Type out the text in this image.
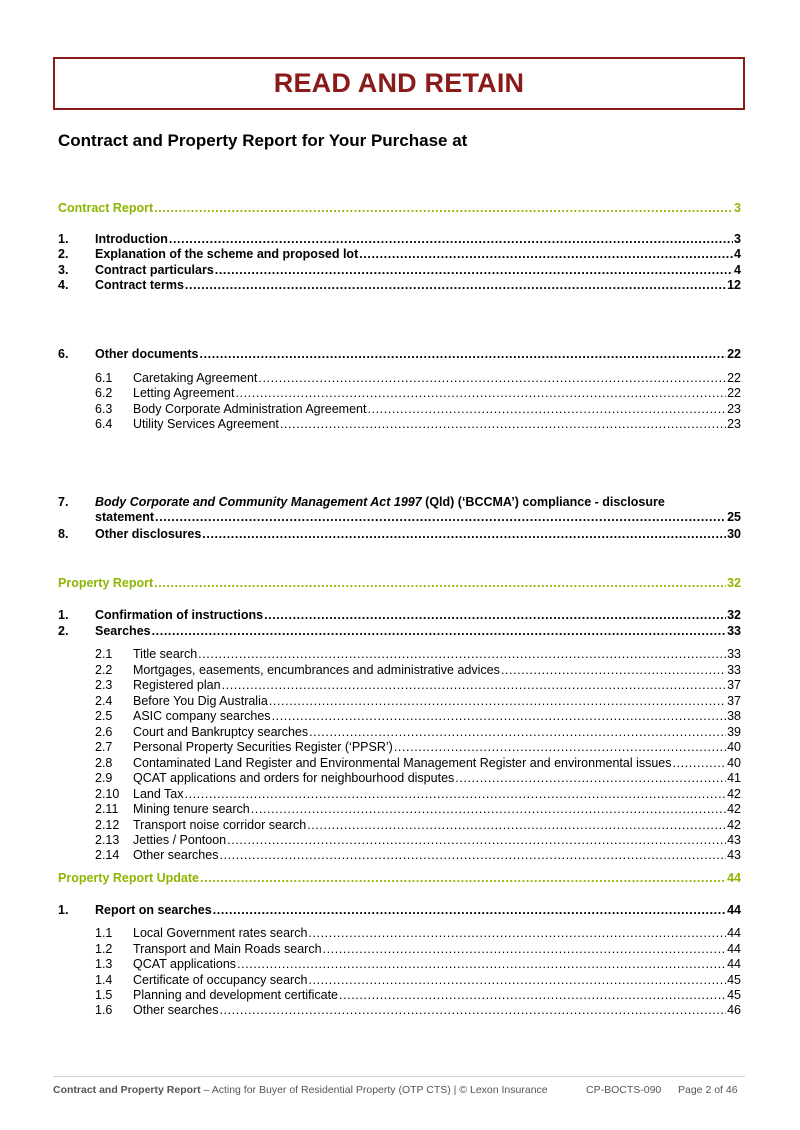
READ AND RETAIN
Contract and Property Report for Your Purchase at
Contract Report .....	3
1. Introduction .....	3
2. Explanation of the scheme and proposed lot .....	4
3. Contract particulars .....	4
4. Contract terms .....	12
6. Other documents .....	22
6.1 Caretaking Agreement .....	22
6.2 Letting Agreement .....	22
6.3 Body Corporate Administration Agreement .....	23
6.4 Utility Services Agreement .....	23
7. Body Corporate and Community Management Act 1997 (Qld) (‘BCCMA’) compliance - disclosure
statement .....	25
8. Other disclosures .....	30
Property Report .....	32
1. Confirmation of instructions .....	32
2. Searches .....	33
2.1 Title search .....	33
2.2 Mortgages, easements, encumbrances and administrative advices .....	33
2.3 Registered plan .....	37
2.4 Before You Dig Australia .....	37
2.5 ASIC company searches .....	38
2.6 Court and Bankruptcy searches .....	39
2.7 Personal Property Securities Register (‘PPSR’) .....	40
2.8 Contaminated Land Register and Environmental Management Register and environmental issues .....	40
2.9 QCAT applications and orders for neighbourhood disputes .....	41
2.10 Land Tax .....	42
2.11 Mining tenure search .....	42
2.12 Transport noise corridor search .....	42
2.13 Jetties / Pontoon .....	43
2.14 Other searches .....	43
Property Report Update .....	44
1. Report on searches .....	44
1.1 Local Government rates search .....	44
1.2 Transport and Main Roads search .....	44
1.3 QCAT applications .....	44
1.4 Certificate of occupancy search .....	45
1.5 Planning and development certificate .....	45
1.6 Other searches .....	46
Contract and Property Report – Acting for Buyer of Residential Property (OTP CTS) | © Lexon Insurance	CP-BOCTS-090 Page 2 of 46
